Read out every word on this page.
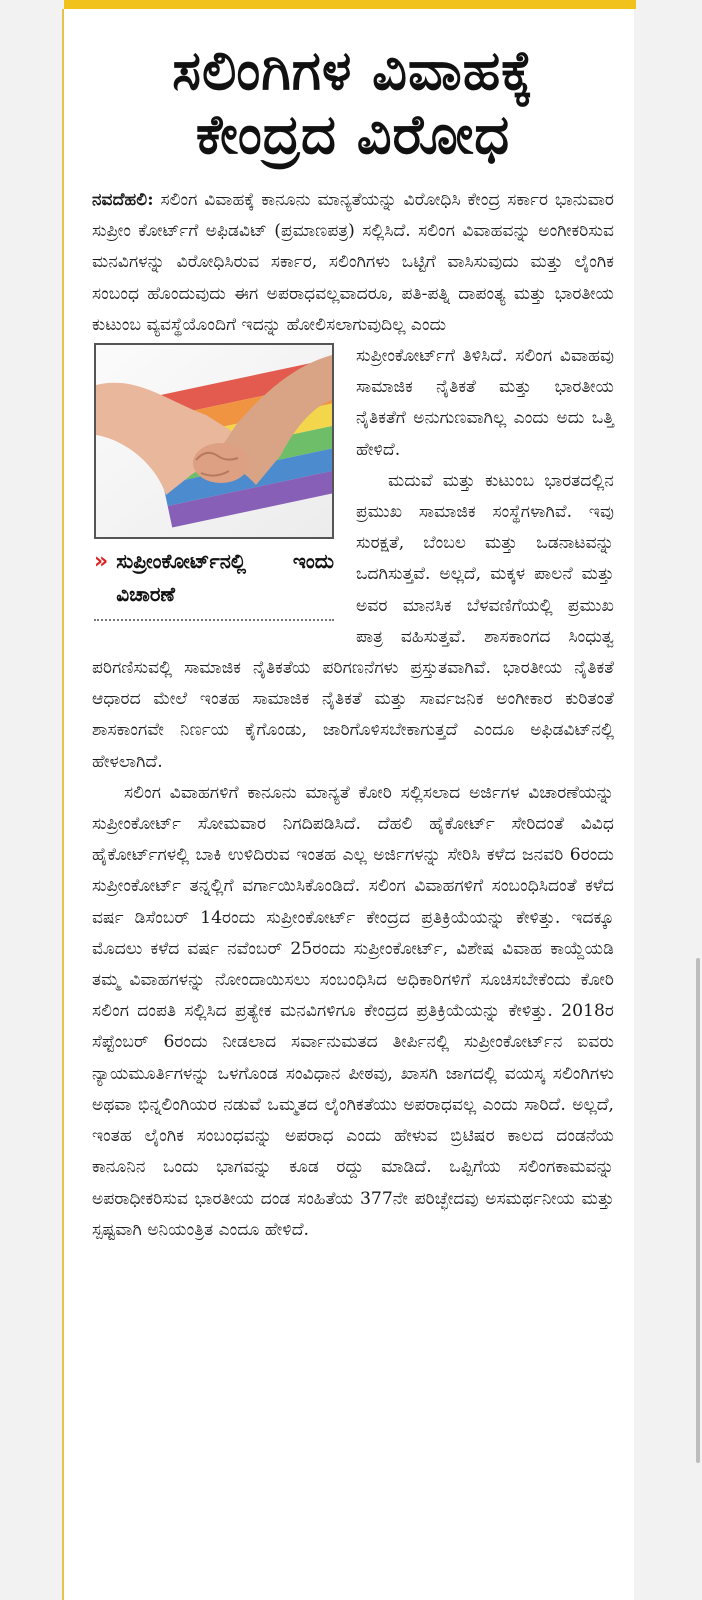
ಸಲಿಂಗಿಗಳ ವಿವಾಹಕ್ಕೆ
ಕೇಂದ್ರದ ವಿರೋಧ

ನವದೆಹಲಿ: ಸಲಿಂಗ ವಿವಾಹಕ್ಕೆ ಕಾನೂನು ಮಾನ್ಯತೆಯನ್ನು ವಿರೋಧಿಸಿ ಕೇಂದ್ರ ಸರ್ಕಾರ ಭಾನುವಾರ ಸುಪ್ರೀಂ ಕೋರ್ಟ್‌ಗೆ ಅಫಿಡವಿಟ್ (ಪ್ರಮಾಣಪತ್ರ) ಸಲ್ಲಿಸಿದೆ. ಸಲಿಂಗ ವಿವಾಹವನ್ನು ಅಂಗೀಕರಿಸುವ ಮನವಿಗಳನ್ನು ವಿರೋಧಿಸಿರುವ ಸರ್ಕಾರ, ಸಲಿಂಗಿಗಳು ಒಟ್ಟಿಗೆ ವಾಸಿಸುವುದು ಮತ್ತು ಲೈಂಗಿಕ ಸಂಬಂಧ ಹೊಂದುವುದು ಈಗ ಅಪರಾಧವಲ್ಲವಾದರೂ, ಪತಿ-ಪತ್ನಿ ದಾಪಂತ್ಯ ಮತ್ತು ಭಾರತೀಯ ಕುಟುಂಬ ವ್ಯವಸ್ಥೆಯೊಂದಿಗೆ ಇದನ್ನು ಹೋಲಿಸಲಾಗುವುದಿಲ್ಲ ಎಂದು

» ಸುಪ್ರೀಂಕೋರ್ಟ್‌ನಲ್ಲಿ ಇಂದು ವಿಚಾರಣೆ

ಸುಪ್ರೀಂಕೋರ್ಟ್‌ಗೆ ತಿಳಿಸಿದೆ. ಸಲಿಂಗ ವಿವಾಹವು ಸಾಮಾಜಿಕ ನೈತಿಕತೆ ಮತ್ತು ಭಾರತೀಯ ನೈತಿಕತೆಗೆ ಅನುಗುಣವಾಗಿಲ್ಲ ಎಂದು ಅದು ಒತ್ತಿ ಹೇಳಿದೆ.

ಮದುವೆ ಮತ್ತು ಕುಟುಂಬ ಭಾರತದಲ್ಲಿನ ಪ್ರಮುಖ ಸಾಮಾಜಿಕ ಸಂಸ್ಥೆಗಳಾಗಿವೆ. ಇವು ಸುರಕ್ಷತೆ, ಬೆಂಬಲ ಮತ್ತು ಒಡನಾಟವನ್ನು ಒದಗಿಸುತ್ತವೆ. ಅಲ್ಲದೆ, ಮಕ್ಕಳ ಪಾಲನೆ ಮತ್ತು ಅವರ ಮಾನಸಿಕ ಬೆಳವಣಿಗೆಯಲ್ಲಿ ಪ್ರಮುಖ ಪಾತ್ರ ವಹಿಸುತ್ತವೆ. ಶಾಸಕಾಂಗದ ಸಿಂಧುತ್ವ ಪರಿಗಣಿಸುವಲ್ಲಿ ಸಾಮಾಜಿಕ ನೈತಿಕತೆಯ ಪರಿಗಣನೆಗಳು ಪ್ರಸ್ತುತವಾಗಿವೆ. ಭಾರತೀಯ ನೈತಿಕತೆ ಆಧಾರದ ಮೇಲೆ ಇಂತಹ ಸಾಮಾಜಿಕ ನೈತಿಕತೆ ಮತ್ತು ಸಾರ್ವಜನಿಕ ಅಂಗೀಕಾರ ಕುರಿತಂತೆ ಶಾಸಕಾಂಗವೇ ನಿರ್ಣಯ ಕೈಗೊಂಡು, ಜಾರಿಗೊಳಿಸಬೇಕಾಗುತ್ತದೆ ಎಂದೂ ಅಫಿಡವಿಟ್‌ನಲ್ಲಿ ಹೇಳಲಾಗಿದೆ.

ಸಲಿಂಗ ವಿವಾಹಗಳಿಗೆ ಕಾನೂನು ಮಾನ್ಯತೆ ಕೋರಿ ಸಲ್ಲಿಸಲಾದ ಅರ್ಜಿಗಳ ವಿಚಾರಣೆಯನ್ನು ಸುಪ್ರೀಂಕೋರ್ಟ್ ಸೋಮವಾರ ನಿಗದಿಪಡಿಸಿದೆ. ದೆಹಲಿ ಹೈಕೋರ್ಟ್ ಸೇರಿದಂತೆ ವಿವಿಧ ಹೈಕೋರ್ಟ್‌ಗಳಲ್ಲಿ ಬಾಕಿ ಉಳಿದಿರುವ ಇಂತಹ ಎಲ್ಲ ಅರ್ಜಿಗಳನ್ನು ಸೇರಿಸಿ ಕಳೆದ ಜನವರಿ 6ರಂದು ಸುಪ್ರೀಂಕೋರ್ಟ್ ತನ್ನಲ್ಲಿಗೆ ವರ್ಗಾಯಿಸಿಕೊಂಡಿದೆ. ಸಲಿಂಗ ವಿವಾಹಗಳಿಗೆ ಸಂಬಂಧಿಸಿದಂತೆ ಕಳೆದ ವರ್ಷ ಡಿಸೆಂಬರ್ 14ರಂದು ಸುಪ್ರೀಂಕೋರ್ಟ್ ಕೇಂದ್ರದ ಪ್ರತಿಕ್ರಿಯೆಯನ್ನು ಕೇಳಿತ್ತು. ಇದಕ್ಕೂ ಮೊದಲು ಕಳೆದ ವರ್ಷ ನವೆಂಬರ್ 25ರಂದು ಸುಪ್ರೀಂಕೋರ್ಟ್, ವಿಶೇಷ ವಿವಾಹ ಕಾಯ್ದೆಯಡಿ ತಮ್ಮ ವಿವಾಹಗಳನ್ನು ನೋಂದಾಯಿಸಲು ಸಂಬಂಧಿಸಿದ ಅಧಿಕಾರಿಗಳಿಗೆ ಸೂಚಿಸಬೇಕೆಂದು ಕೋರಿ ಸಲಿಂಗ ದಂಪತಿ ಸಲ್ಲಿಸಿದ ಪ್ರತ್ಯೇಕ ಮನವಿಗಳಿಗೂ ಕೇಂದ್ರದ ಪ್ರತಿಕ್ರಿಯೆಯನ್ನು ಕೇಳಿತ್ತು. 2018ರ ಸೆಪ್ಟೆಂಬರ್ 6ರಂದು ನೀಡಲಾದ ಸರ್ವಾನುಮತದ ತೀರ್ಪಿನಲ್ಲಿ ಸುಪ್ರೀಂಕೋರ್ಟ್‌ನ ಐವರು ನ್ಯಾಯಮೂರ್ತಿಗಳನ್ನು ಒಳಗೊಂಡ ಸಂವಿಧಾನ ಪೀಠವು, ಖಾಸಗಿ ಜಾಗದಲ್ಲಿ ವಯಸ್ಕ ಸಲಿಂಗಿಗಳು ಅಥವಾ ಭಿನ್ನಲಿಂಗಿಯರ ನಡುವೆ ಒಮ್ಮತದ ಲೈಂಗಿಕತೆಯು ಅಪರಾಧವಲ್ಲ ಎಂದು ಸಾರಿದೆ. ಅಲ್ಲದೆ, ಇಂತಹ ಲೈಂಗಿಕ ಸಂಬಂಧವನ್ನು ಅಪರಾಧ ಎಂದು ಹೇಳುವ ಬ್ರಿಟಿಷರ ಕಾಲದ ದಂಡನೆಯ ಕಾನೂನಿನ ಒಂದು ಭಾಗವನ್ನು ಕೂಡ ರದ್ದು ಮಾಡಿದೆ. ಒಪ್ಪಿಗೆಯ ಸಲಿಂಗಕಾಮವನ್ನು ಅಪರಾಧೀಕರಿಸುವ ಭಾರತೀಯ ದಂಡ ಸಂಹಿತೆಯ 377ನೇ ಪರಿಚ್ಛೇದವು ಅಸಮರ್ಥನೀಯ ಮತ್ತು ಸ್ಪಷ್ಟವಾಗಿ ಅನಿಯಂತ್ರಿತ ಎಂದೂ ಹೇಳಿದೆ.
